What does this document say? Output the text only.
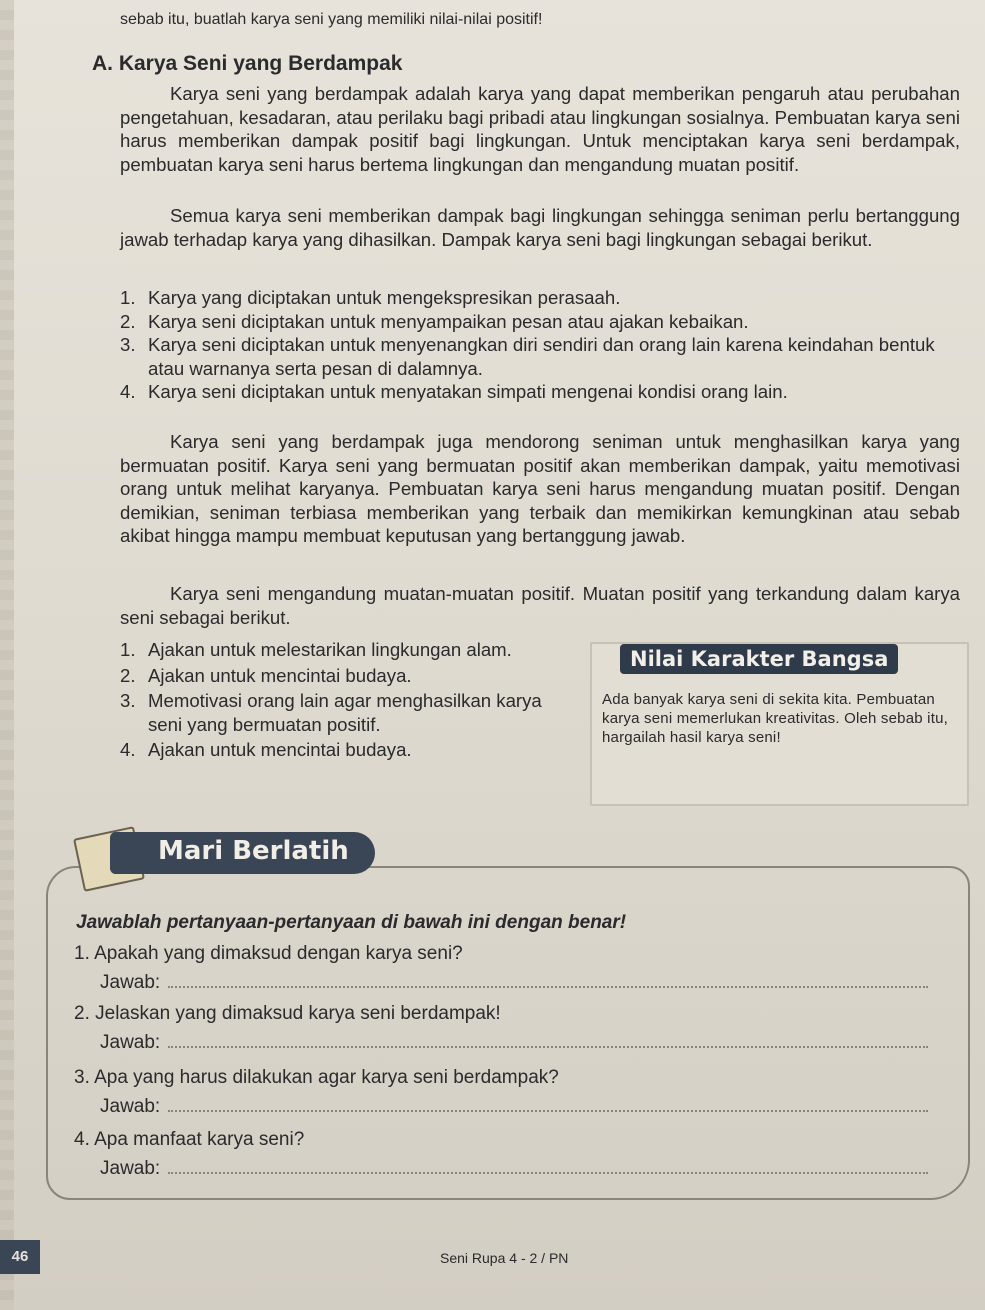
sebab itu, buatlah karya seni yang memiliki nilai-nilai positif!
A. Karya Seni yang Berdampak
Karya seni yang berdampak adalah karya yang dapat memberikan pengaruh atau perubahan pengetahuan, kesadaran, atau perilaku bagi pribadi atau lingkungan sosialnya. Pembuatan karya seni harus memberikan dampak positif bagi lingkungan. Untuk menciptakan karya seni berdampak, pembuatan karya seni harus bertema lingkungan dan mengandung muatan positif.
Semua karya seni memberikan dampak bagi lingkungan sehingga seniman perlu bertanggung jawab terhadap karya yang dihasilkan. Dampak karya seni bagi lingkungan sebagai berikut.
1. Karya yang diciptakan untuk mengekspresikan perasaah.
2. Karya seni diciptakan untuk menyampaikan pesan atau ajakan kebaikan.
3. Karya seni diciptakan untuk menyenangkan diri sendiri dan orang lain karena keindahan bentuk atau warnanya serta pesan di dalamnya.
4. Karya seni diciptakan untuk menyatakan simpati mengenai kondisi orang lain.
Karya seni yang berdampak juga mendorong seniman untuk menghasilkan karya yang bermuatan positif. Karya seni yang bermuatan positif akan memberikan dampak, yaitu memotivasi orang untuk melihat karyanya. Pembuatan karya seni harus mengandung muatan positif. Dengan demikian, seniman terbiasa memberikan yang terbaik dan memikirkan kemungkinan atau sebab akibat hingga mampu membuat keputusan yang bertanggung jawab.
Karya seni mengandung muatan-muatan positif. Muatan positif yang terkandung dalam karya seni sebagai berikut.
1. Ajakan untuk melestarikan lingkungan alam.
2. Ajakan untuk mencintai budaya.
3. Memotivasi orang lain agar menghasilkan karya seni yang bermuatan positif.
4. Ajakan untuk mencintai budaya.
Nilai Karakter Bangsa
Ada banyak karya seni di sekita kita. Pembuatan karya seni memerlukan kreativitas. Oleh sebab itu, hargailah hasil karya seni!
Mari Berlatih
Jawablah pertanyaan-pertanyaan di bawah ini dengan benar!
1. Apakah yang dimaksud dengan karya seni?
Jawab:
2. Jelaskan yang dimaksud karya seni berdampak!
Jawab:
3. Apa yang harus dilakukan agar karya seni berdampak?
Jawab:
4. Apa manfaat karya seni?
Jawab:
46	Seni Rupa 4 - 2 / PN
